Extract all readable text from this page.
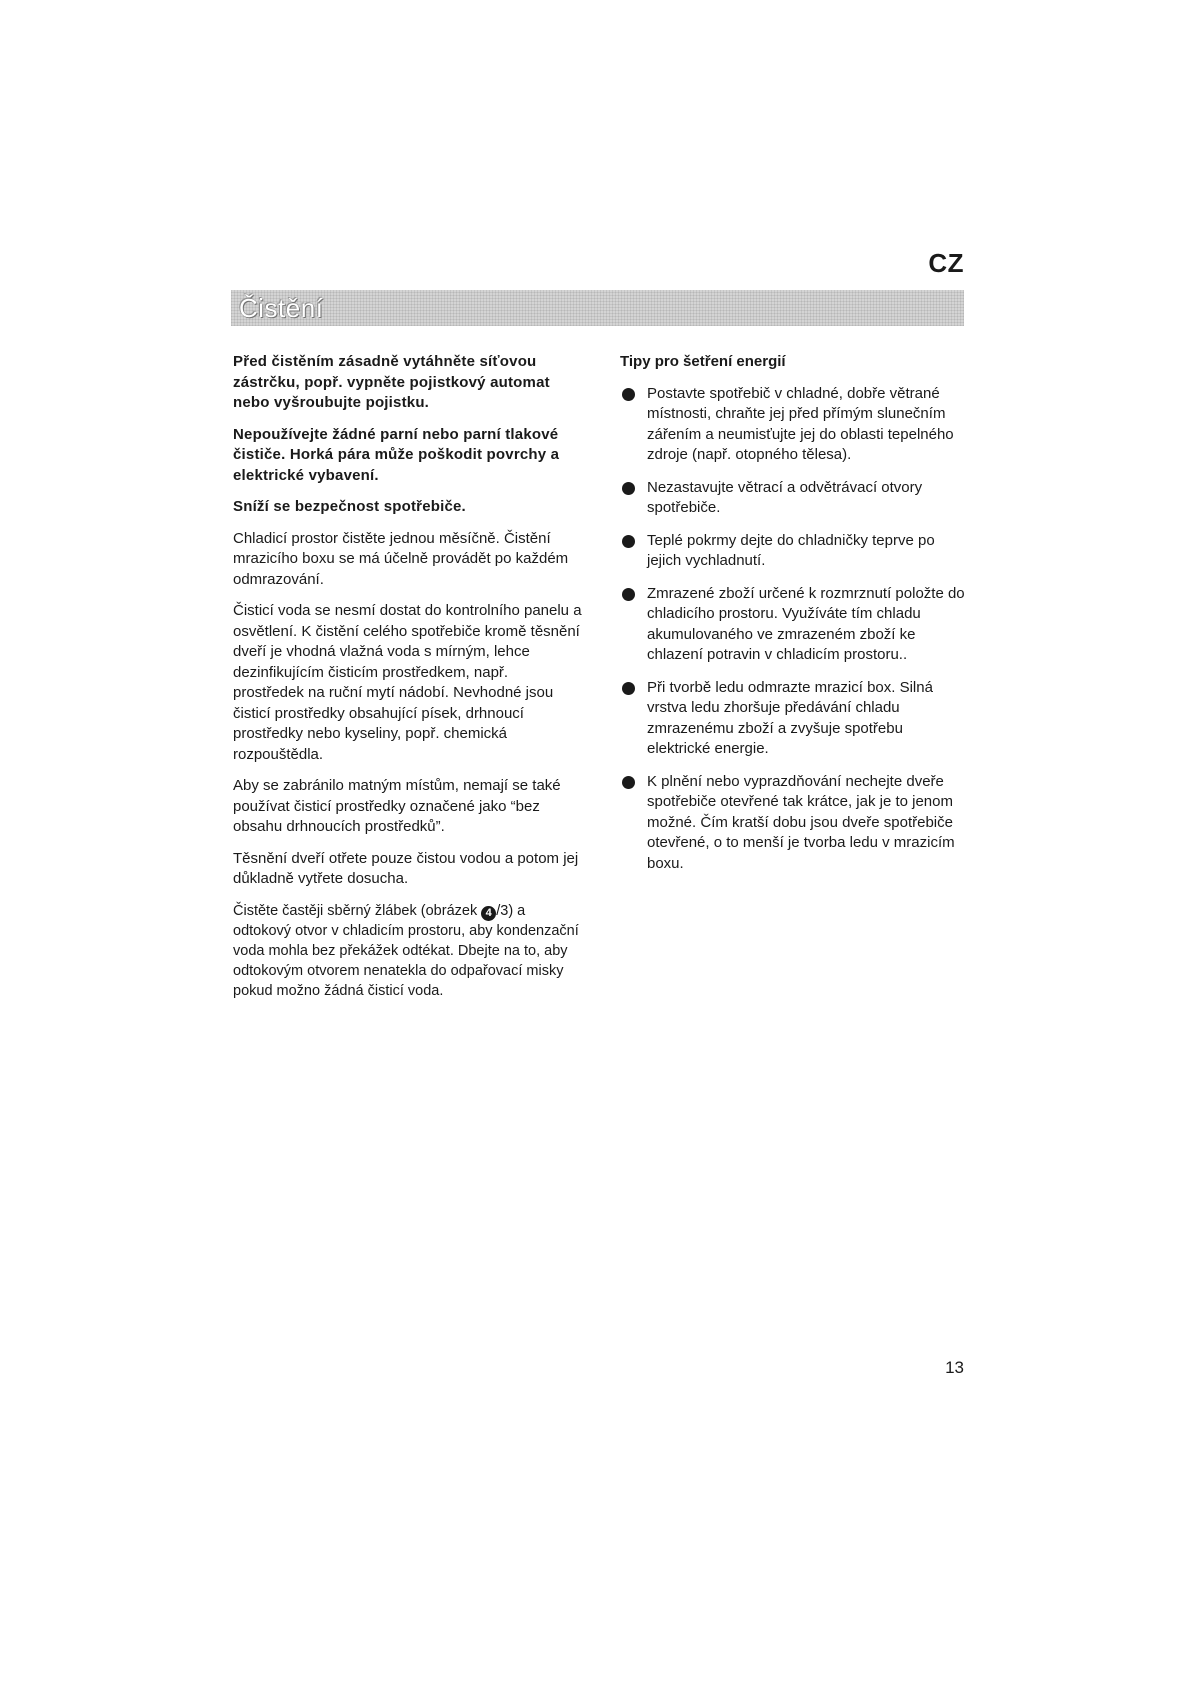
CZ
Čistění

Před čistěním zásadně vytáhněte síťovou zástrčku, popř. vypněte pojistkový automat nebo vyšroubujte pojistku.

Nepoužívejte žádné parní nebo parní tlakové čističe. Horká pára může poškodit povrchy a elektrické vybavení.

Sníží se bezpečnost spotřebiče.

Chladicí prostor čistěte jednou měsíčně. Čistění mrazicího boxu se má účelně provádět po každém odmrazování.

Čisticí voda se nesmí dostat do kontrolního panelu a osvětlení. K čistění celého spotřebiče kromě těsnění dveří je vhodná vlažná voda s mírným, lehce dezinfikujícím čisticím prostředkem, např. prostředek na ruční mytí nádobí. Nevhodné jsou čisticí prostředky obsahující písek, drhnoucí prostředky nebo kyseliny, popř. chemická rozpouštědla.

Aby se zabránilo matným místům, nemají se také používat čisticí prostředky označené jako “bez obsahu drhnoucích prostředků”.

Těsnění dveří otřete pouze čistou vodou a potom jej důkladně vytřete dosucha.

Čistěte častěji sběrný žlábek (obrázek 4 /3) a odtokový otvor v chladicím prostoru, aby kondenzační voda mohla bez překážek odtékat. Dbejte na to, aby odtokovým otvorem nenatekla do odpařovací misky pokud možno žádná čisticí voda.

Tipy pro šetření energií

Postavte spotřebič v chladné, dobře větrané místnosti, chraňte jej před přímým slunečním zářením a neumisťujte jej do oblasti tepelného zdroje (např. otopného tělesa).

Nezastavujte větrací a odvětrávací otvory spotřebiče.

Teplé pokrmy dejte do chladničky teprve po jejich vychladnutí.

Zmrazené zboží určené k rozmrznutí položte do chladicího prostoru. Využíváte tím chladu akumulovaného ve zmrazeném zboží ke chlazení potravin v chladicím prostoru..

Při tvorbě ledu odmrazte mrazicí box. Silná vrstva ledu zhoršuje předávání chladu zmrazenému zboží a zvyšuje spotřebu elektrické energie.

K plnění nebo vyprazdňování nechejte dveře spotřebiče otevřené tak krátce, jak je to jenom možné. Čím kratší dobu jsou dveře spotřebiče otevřené, o to menší je tvorba ledu v mrazicím boxu.

13
